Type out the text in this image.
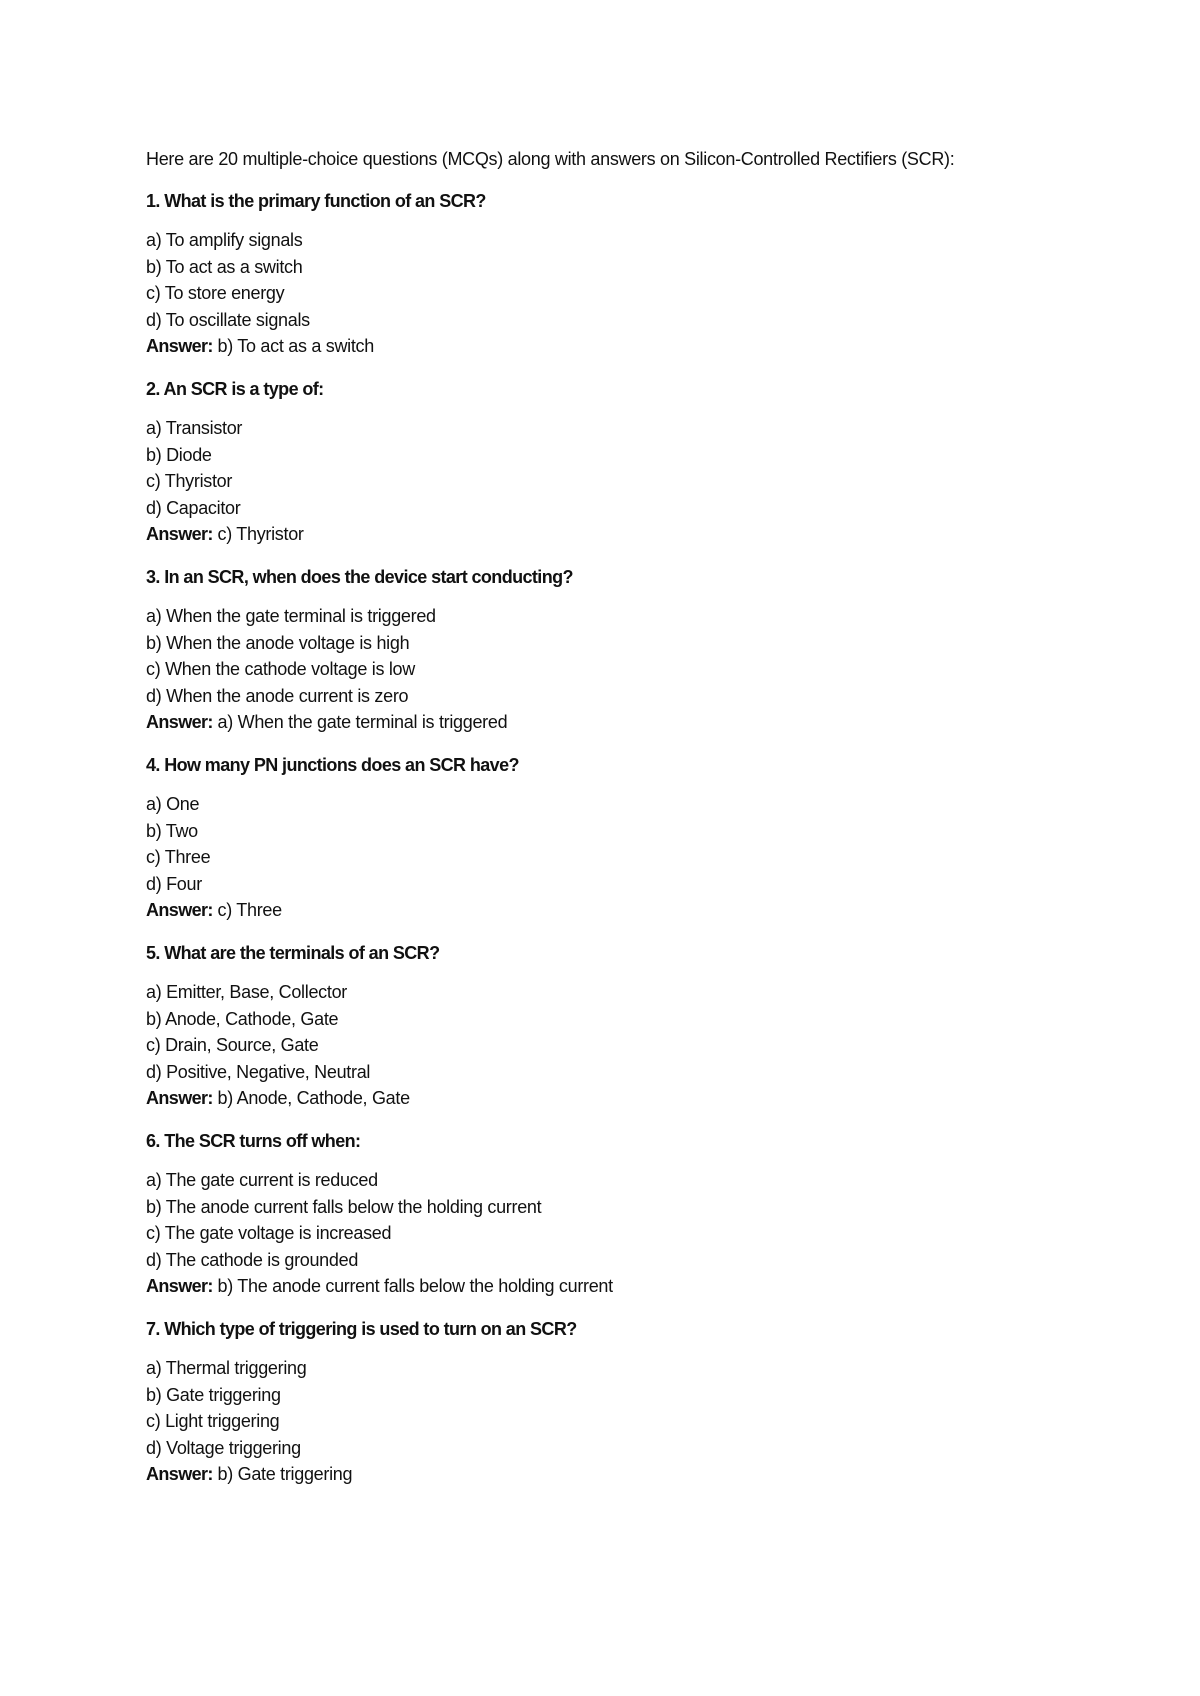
Here are 20 multiple-choice questions (MCQs) along with answers on Silicon-Controlled Rectifiers (SCR):

1. What is the primary function of an SCR?

a) To amplify signals

b) To act as a switch

c) To store energy

d) To oscillate signals

Answer: b) To act as a switch

2. An SCR is a type of:

a) Transistor

b) Diode

c) Thyristor

d) Capacitor

Answer: c) Thyristor

3. In an SCR, when does the device start conducting?

a) When the gate terminal is triggered

b) When the anode voltage is high

c) When the cathode voltage is low

d) When the anode current is zero

Answer: a) When the gate terminal is triggered

4. How many PN junctions does an SCR have?

a) One

b) Two

c) Three

d) Four

Answer: c) Three

5. What are the terminals of an SCR?

a) Emitter, Base, Collector

b) Anode, Cathode, Gate

c) Drain, Source, Gate

d) Positive, Negative, Neutral

Answer: b) Anode, Cathode, Gate

6. The SCR turns off when:

a) The gate current is reduced

b) The anode current falls below the holding current

c) The gate voltage is increased

d) The cathode is grounded

Answer: b) The anode current falls below the holding current

7. Which type of triggering is used to turn on an SCR?

a) Thermal triggering

b) Gate triggering

c) Light triggering

d) Voltage triggering

Answer: b) Gate triggering
